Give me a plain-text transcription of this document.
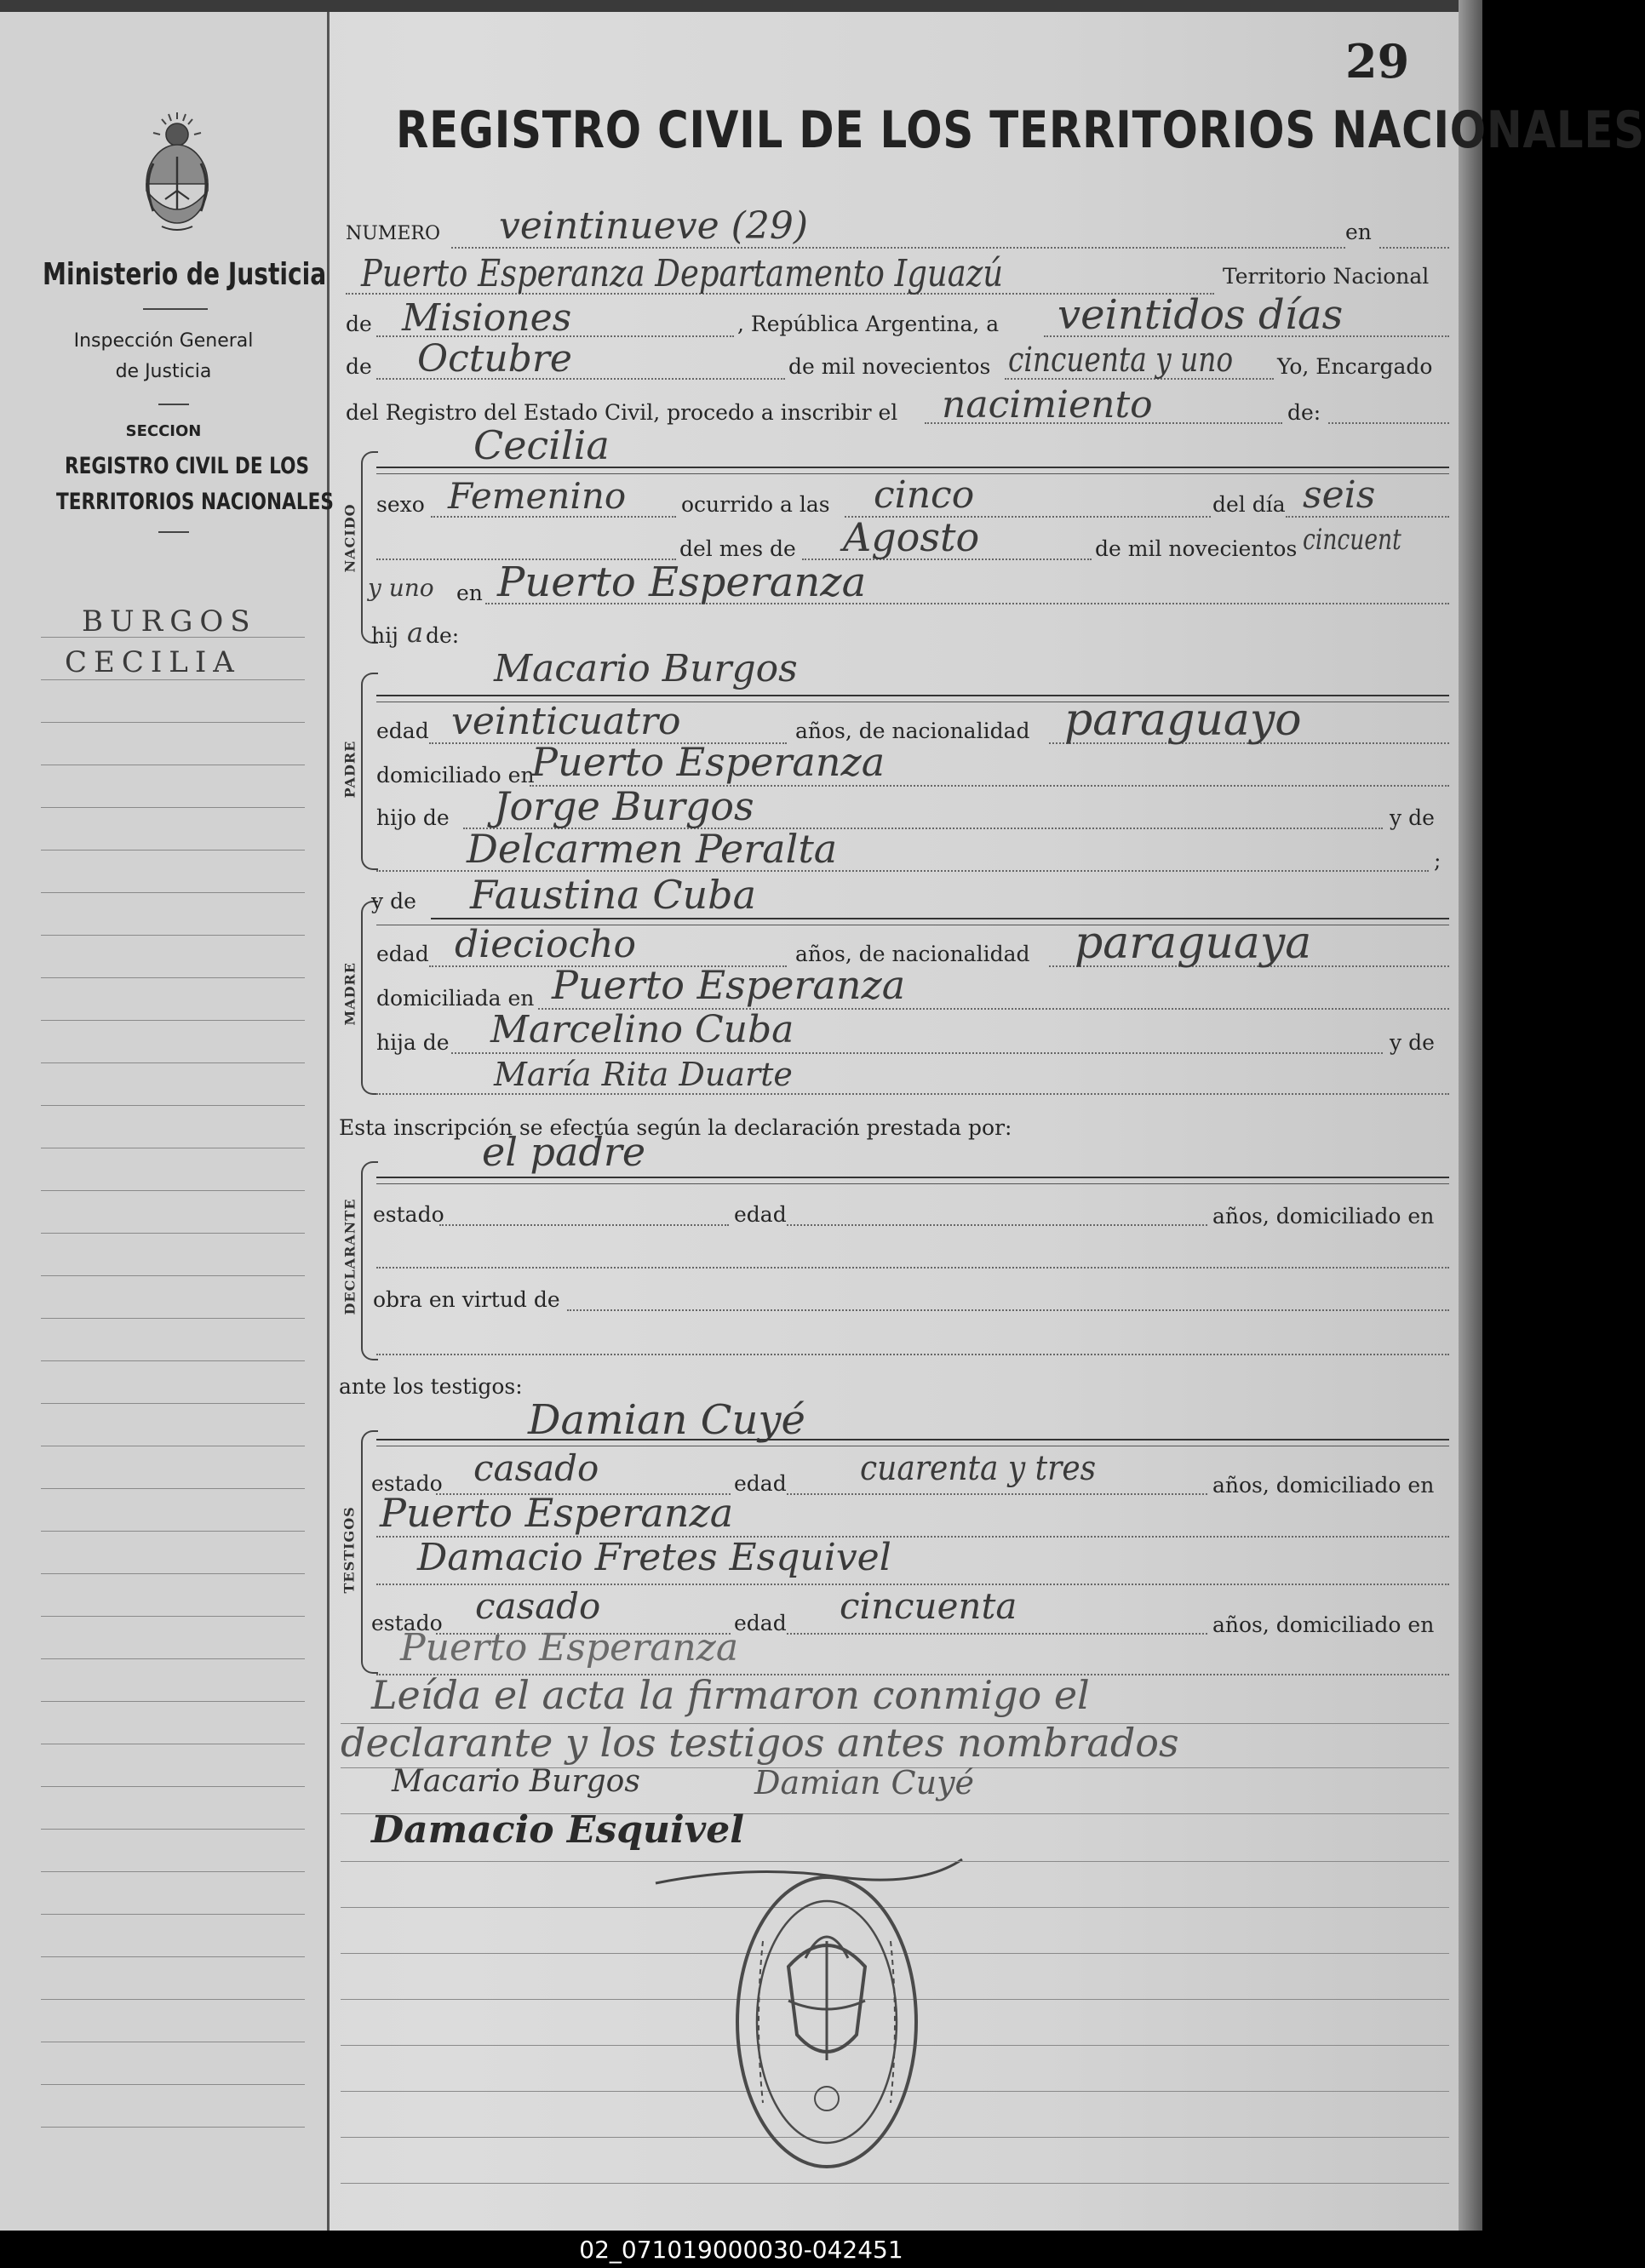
29
REGISTRO CIVIL DE LOS TERRITORIOS NACIONALES
Ministerio de Justicia
Inspección General
de Justicia
SECCION
REGISTRO CIVIL DE LOS
TERRITORIOS NACIONALES
BURGOS
CECILIA
NUMERO veintinueve (29)	en
Puerto Esperanza Departamento Iguazú	Territorio Nacional
de Misiones	, República Argentina, a veintidos días
de Octubre	de mil novecientos cincuenta y uno Yo, Encargado
del Registro del Estado Civil, procedo a inscribir el nacimiento	de:
NACIDO
Cecilia
sexo Femenino	ocurrido a las cinco	del día seis
del mes de Agosto	de mil novecientos cincuent
y uno en Puerto Esperanza
hij a de:
PADRE
Macario Burgos
edad veinticuatro	años, de nacionalidad paraguayo
domiciliado en
Puerto Esperanza
hijo de Jorge Burgos	y de
Delcarmen Peralta	;
MADRE
y de Faustina Cuba
edad dieciocho	años, de nacionalidad paraguaya
domiciliada en Puerto Esperanza
hija de Marcelino Cuba	y de
María Rita Duarte
Esta inscripción se efectúa según la declaración prestada por:
DECLARANTE
el padre
estado	edad	años, domiciliado en
obra en virtud de
ante los testigos:
Damian Cuyé
TESTIGOS
estado casado	edad cuarenta y tres	años, domiciliado en
Puerto Esperanza
Damacio Fretes Esquivel
estado casado	edad cincuenta	años, domiciliado en
Puerto Esperanza
Leída el acta la firmaron conmigo el
declarante y los testigos antes nombrados
Macario Burgos	Damian Cuyé
Damacio Esquivel
02_071019000030-042451
